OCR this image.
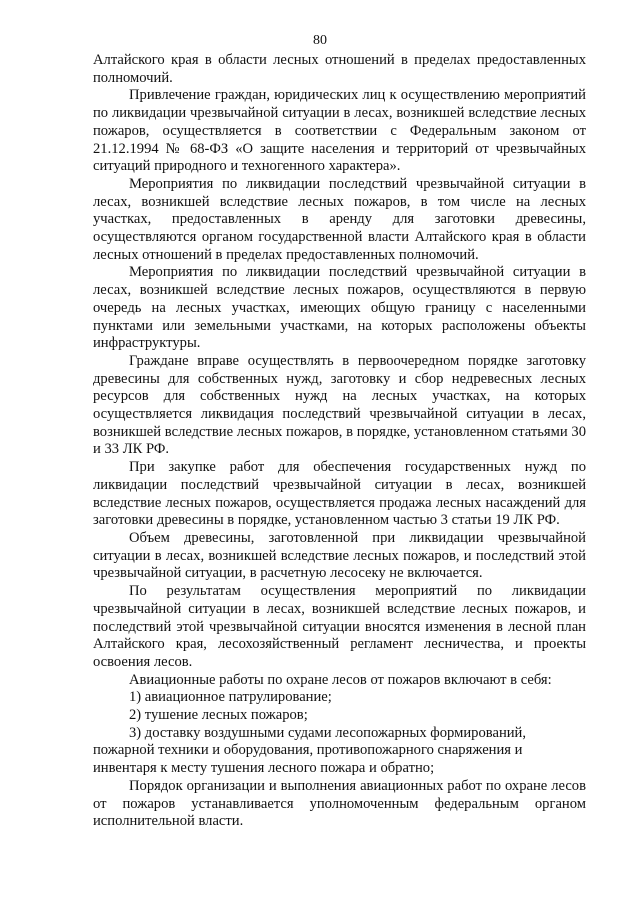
80

Алтайского края в области лесных отношений в пределах предоставленных полномочий.

Привлечение граждан, юридических лиц к осуществлению мероприятий по ликвидации чрезвычайной ситуации в лесах, возникшей вследствие лесных пожаров, осуществляется в соответствии с Федеральным законом от 21.12.1994 № 68-ФЗ «О защите населения и территорий от чрезвычайных ситуаций природного и техногенного характера».

Мероприятия по ликвидации последствий чрезвычайной ситуации в лесах, возникшей вследствие лесных пожаров, в том числе на лесных участках, предоставленных в аренду для заготовки древесины, осуществляются органом государственной власти Алтайского края в области лесных отношений в пределах предоставленных полномочий.

Мероприятия по ликвидации последствий чрезвычайной ситуации в лесах, возникшей вследствие лесных пожаров, осуществляются в первую очередь на лесных участках, имеющих общую границу с населенными пунктами или земельными участками, на которых расположены объекты инфраструктуры.

Граждане вправе осуществлять в первоочередном порядке заготовку древесины для собственных нужд, заготовку и сбор недревесных лесных ресурсов для собственных нужд на лесных участках, на которых осуществляется ликвидация последствий чрезвычайной ситуации в лесах, возникшей вследствие лесных пожаров, в порядке, установленном статьями 30 и 33 ЛК РФ.

При закупке работ для обеспечения государственных нужд по ликвидации последствий чрезвычайной ситуации в лесах, возникшей вследствие лесных пожаров, осуществляется продажа лесных насаждений для заготовки древесины в порядке, установленном частью 3 статьи 19 ЛК РФ.

Объем древесины, заготовленной при ликвидации чрезвычайной ситуации в лесах, возникшей вследствие лесных пожаров, и последствий этой чрезвычайной ситуации, в расчетную лесосеку не включается.

По результатам осуществления мероприятий по ликвидации чрезвычайной ситуации в лесах, возникшей вследствие лесных пожаров, и последствий этой чрезвычайной ситуации вносятся изменения в лесной план Алтайского края, лесохозяйственный регламент лесничества, и проекты освоения лесов.

Авиационные работы по охране лесов от пожаров включают в себя:

1) авиационное патрулирование;

2) тушение лесных пожаров;

3) доставку воздушными судами лесопожарных формирований, пожарной техники и оборудования, противопожарного снаряжения и инвентаря к месту тушения лесного пожара и обратно;

Порядок организации и выполнения авиационных работ по охране лесов от пожаров устанавливается уполномоченным федеральным органом исполнительной власти.
